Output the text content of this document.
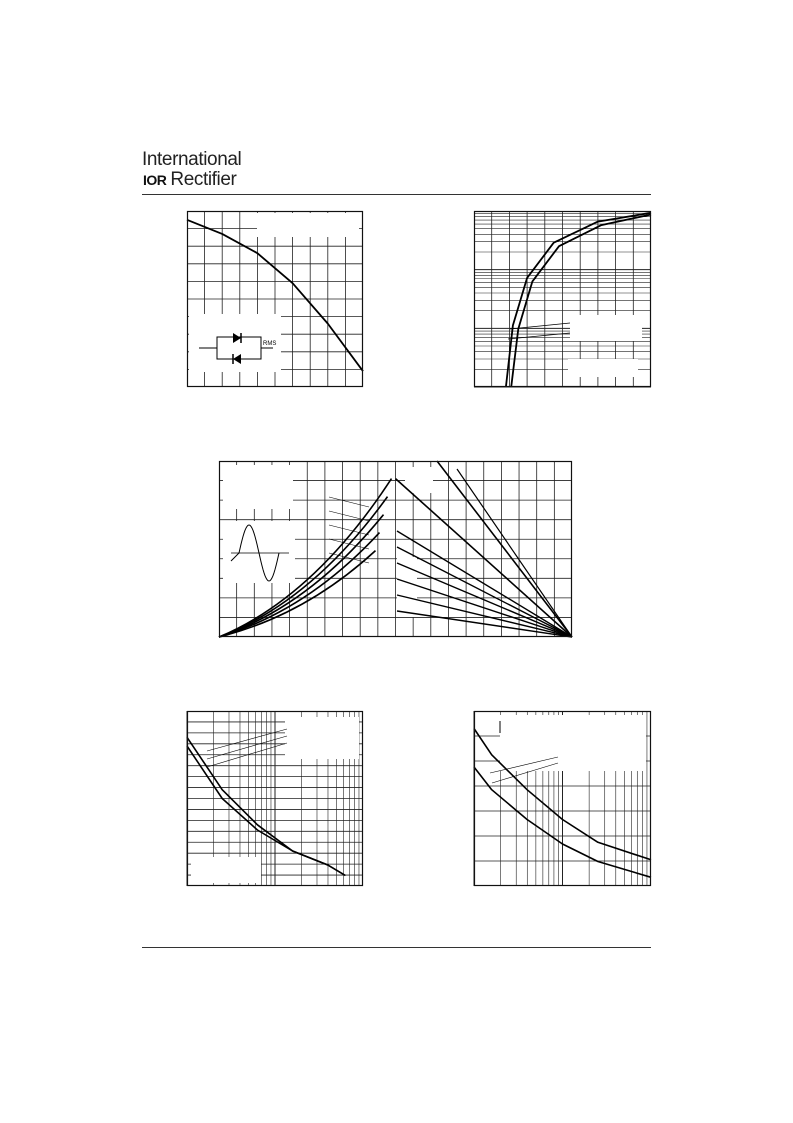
International
IOR Rectifier
RMS
